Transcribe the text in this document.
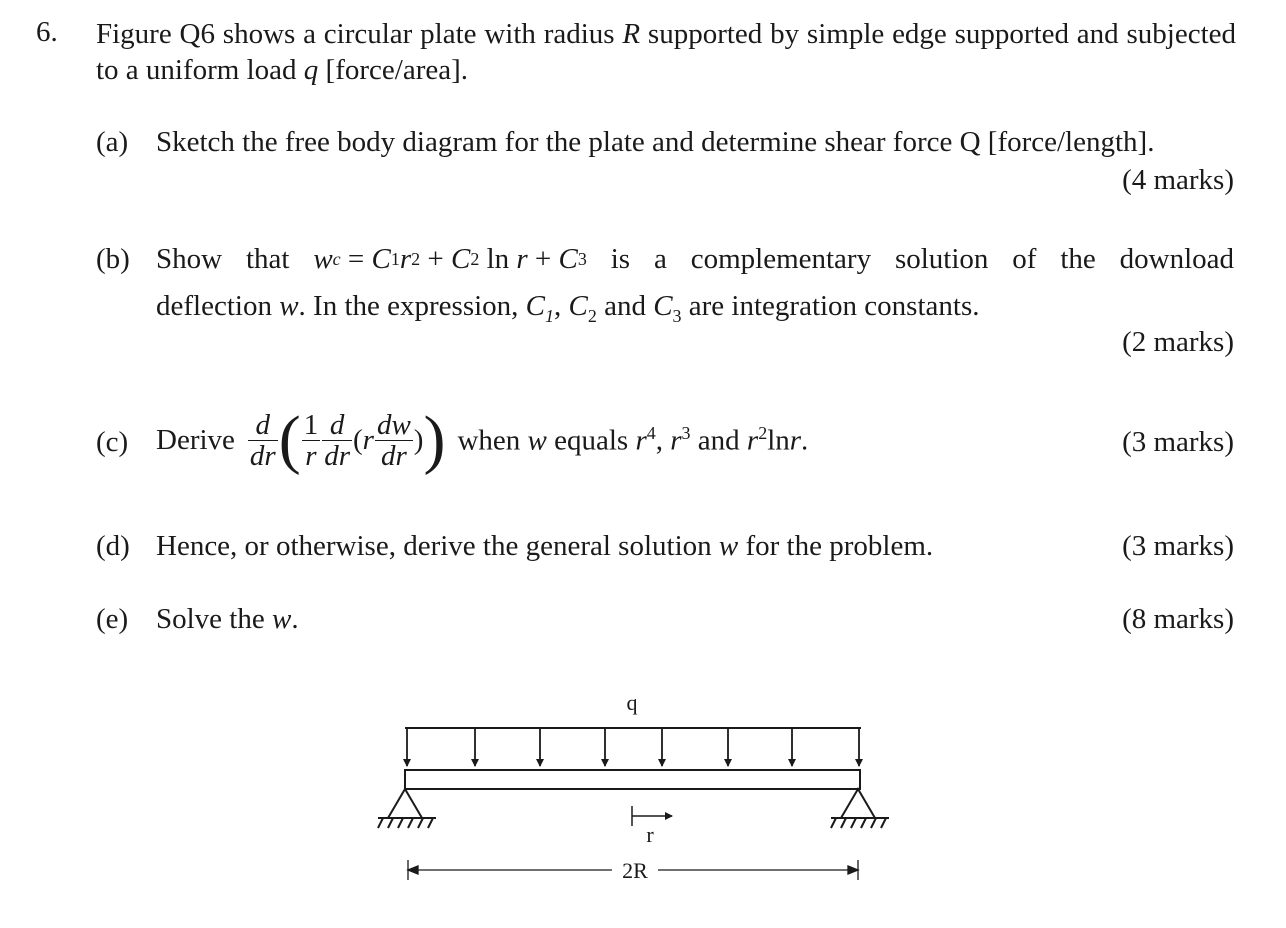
6. Figure Q6 shows a circular plate with radius R supported by simple edge supported and subjected to a uniform load q [force/area].
(a) Sketch the free body diagram for the plate and determine shear force Q [force/length].
(4 marks)
(b) Show that w c
=
C 1 r 2
+
C 2
ln
r
+
C 3 is a complementary solution of the download
deflection w. In the expression, $C_1$, $C_2$ and $C_3$ are integration constants.
(2 marks)
(c) Derive $\frac{d}{dr}$ ( $\frac{1}{r} \frac{d}{dr}$ ( r $\frac{dw}{dr}$ ) ) when w equals $r^4$, $r^3$ and $r^2\ln r$.	(3 marks)
(d) Hence, or otherwise, derive the general solution w for the problem.	(3 marks)
(e) Solve the w.	(8 marks)
q
r
2R
